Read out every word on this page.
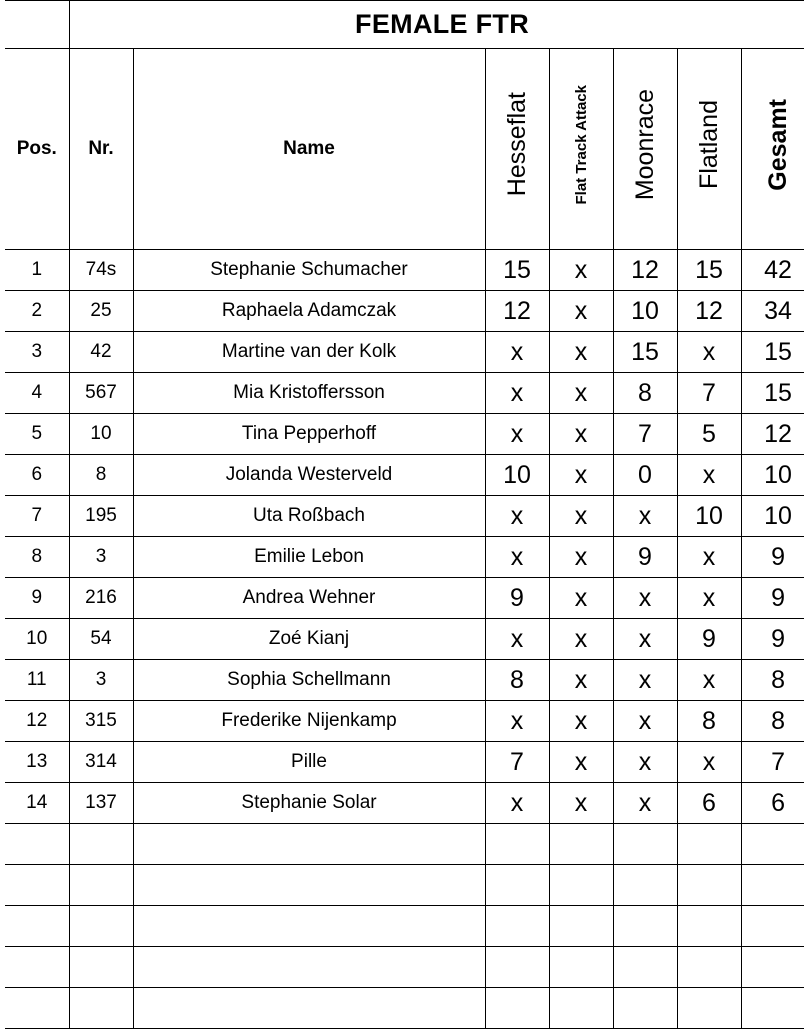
	FEMALE FTR						
Pos.	Nr.	Name	Hesseflat	Flat Track Attack	Moonrace	Flatland	Gesamt
1	74s	Stephanie Schumacher	15	x	12	15	42
2	25	Raphaela Adamczak	12	x	10	12	34
3	42	Martine van der Kolk	x	x	15	x	15
4	567	Mia Kristoffersson	x	x	8	7	15
5	10	Tina Pepperhoff	x	x	7	5	12
6	8	Jolanda Westerveld	10	x	0	x	10
7	195	Uta Roßbach	x	x	x	10	10
8	3	Emilie Lebon	x	x	9	x	9
9	216	Andrea Wehner	9	x	x	x	9
10	54	Zoé Kianj	x	x	x	9	9
11	3	Sophia Schellmann	8	x	x	x	8
12	315	Frederike Nijenkamp	x	x	x	8	8
13	314	Pille	7	x	x	x	7
14	137	Stephanie Solar	x	x	x	6	6
